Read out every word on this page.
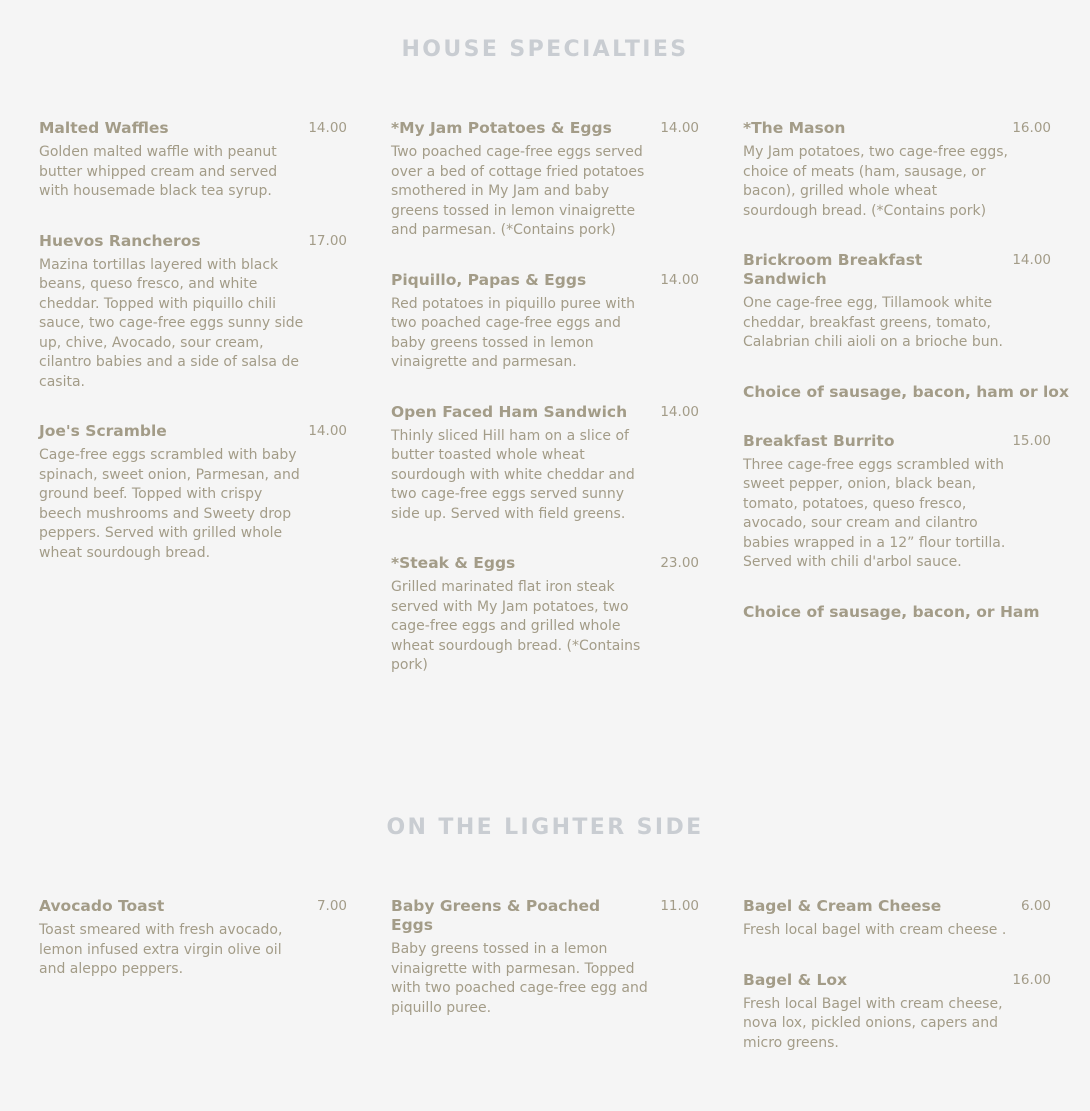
HOUSE SPECIALTIES
Malted Waffles	14.00
Golden malted waffle with peanut butter whipped cream and served with housemade black tea syrup.
Huevos Rancheros	17.00
Mazina tortillas layered with black beans, queso fresco, and white cheddar. Topped with piquillo chili sauce, two cage-free eggs sunny side up, chive, Avocado, sour cream, cilantro babies and a side of salsa de casita.
Joe's Scramble	14.00
Cage-free eggs scrambled with baby spinach, sweet onion, Parmesan, and ground beef. Topped with crispy beech mushrooms and Sweety drop peppers. Served with grilled whole wheat sourdough bread.
*My Jam Potatoes & Eggs	14.00
Two poached cage-free eggs served over a bed of cottage fried potatoes smothered in My Jam and baby greens tossed in lemon vinaigrette and parmesan. (*Contains pork)
Piquillo, Papas & Eggs	14.00
Red potatoes in piquillo puree with two poached cage-free eggs and baby greens tossed in lemon vinaigrette and parmesan.
Open Faced Ham Sandwich 14.00
Thinly sliced Hill ham on a slice of butter toasted whole wheat sourdough with white cheddar and two cage-free eggs served sunny side up. Served with field greens.
*Steak & Eggs	23.00
Grilled marinated flat iron steak served with My Jam potatoes, two cage-free eggs and grilled whole wheat sourdough bread. (*Contains pork)
*The Mason	16.00
My Jam potatoes, two cage-free eggs, choice of meats (ham, sausage, or bacon), grilled whole wheat sourdough bread. (*Contains pork)
Brickroom Breakfast Sandwich
14.00
One cage-free egg, Tillamook white cheddar, breakfast greens, tomato, Calabrian chili aioli on a brioche bun.
Choice of sausage, bacon, ham or lox
Breakfast Burrito	15.00
Three cage-free eggs scrambled with sweet pepper, onion, black bean, tomato, potatoes, queso fresco, avocado, sour cream and cilantro babies wrapped in a 12” flour tortilla. Served with chili d'arbol sauce.
Choice of sausage, bacon, or Ham
ON THE LIGHTER SIDE
Avocado Toast	7.00
Toast smeared with fresh avocado, lemon infused extra virgin olive oil and aleppo peppers.
Baby Greens & Poached Eggs
11.00
Baby greens tossed in a lemon vinaigrette with parmesan. Topped with two poached cage-free egg and piquillo puree.
Bagel & Cream Cheese	6.00
Fresh local bagel with cream cheese .
Bagel & Lox	16.00
Fresh local Bagel with cream cheese, nova lox, pickled onions, capers and micro greens.
